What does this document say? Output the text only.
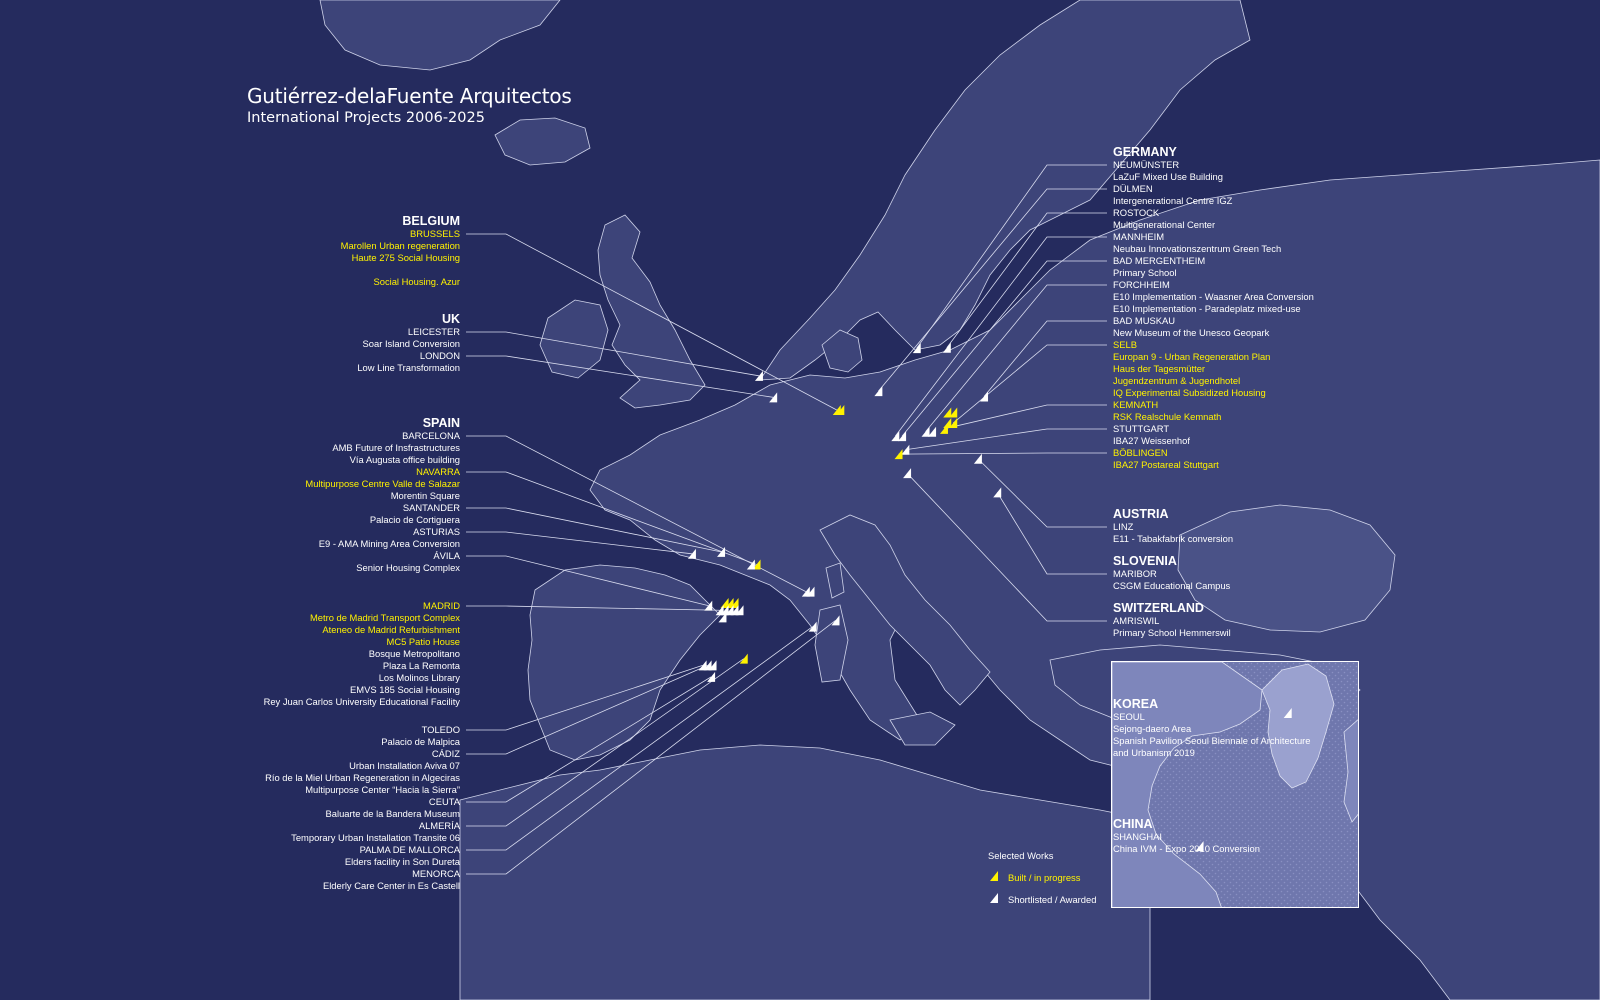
Gutiérrez-delaFuente Arquitectos
International Projects 2006-2025
BELGIUM
BRUSSELS
Marollen Urban regeneration
Haute 275 Social Housing
Social Housing. Azur
UK
LEICESTER
Soar Island Conversion
LONDON
Low Line Transformation
SPAIN
BARCELONA
AMB Future of Insfrastructures
Vía Augusta office building
NAVARRA
Multipurpose Centre Valle de Salazar
Morentin Square
SANTANDER
Palacio de Cortiguera
ASTURIAS
E9 - AMA Mining Area Conversion
ÁVILA
Senior Housing Complex
MADRID
Metro de Madrid Transport Complex
Ateneo de Madrid Refurbishment
MC5 Patio House
Bosque Metropolitano
Plaza La Remonta
Los Molinos Library
EMVS 185 Social Housing
Rey Juan Carlos University Educational Facility
TOLEDO
Palacio de Malpica
CÁDIZ
Urban Installation Aviva 07
Río de la Miel Urban Regeneration in Algeciras
Multipurpose Center “Hacia la Sierra”
CEUTA
Baluarte de la Bandera Museum
ALMERÍA
Temporary Urban Installation Transite 06
PALMA DE MALLORCA
Elders facility in Son Dureta
MENORCA
Elderly Care Center in Es Castell
GERMANY
NEUMÜNSTER
LaZuF Mixed Use Building
DÜLMEN
Intergenerational Centre IGZ
ROSTOCK
Multigenerational Center
MANNHEIM
Neubau Innovationszentrum Green Tech
BAD MERGENTHEIM
Primary School
FORCHHEIM
E10 Implementation - Waasner Area Conversion
E10 Implementation - Paradeplatz mixed-use
BAD MUSKAU
New Museum of the Unesco Geopark
SELB
Europan 9 - Urban Regeneration Plan
Haus der Tagesmütter
Jugendzentrum & Jugendhotel
IQ Experimental Subsidized Housing
KEMNATH
RSK Realschule Kemnath
STUTTGART
IBA27 Weissenhof
BÖBLINGEN
IBA27 Postareal Stuttgart
AUSTRIA
LINZ
E11 - Tabakfabrik conversion
SLOVENIA
MARIBOR
CSGM Educational Campus
SWITZERLAND
AMRISWIL
Primary School Hemmerswil
KOREA
SEOUL
Sejong-daero Area
Spanish Pavilion Seoul Biennale of Architecture
and Urbanism 2019
CHINA
SHANGHAI
China IVM - Expo 2010 Conversion
Selected Works
Built / in progress
Shortlisted / Awarded
